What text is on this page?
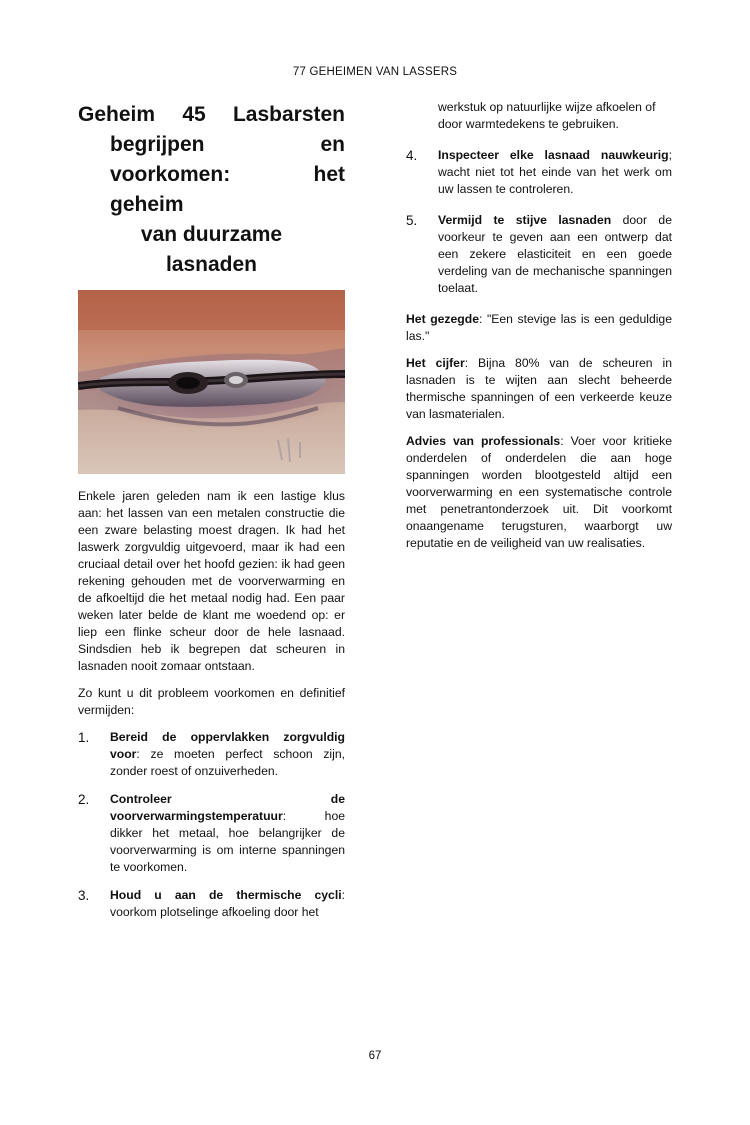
77 GEHEIMEN VAN LASSERS
Geheim 45 Lasbarsten
begrijpen	en
voorkomen:	het
geheim
van duurzame
lasnaden

Enkele jaren geleden nam ik een lastige klus aan: het lassen van een metalen constructie die een zware belasting moest dragen. Ik had het laswerk zorgvuldig uitgevoerd, maar ik had een cruciaal detail over het hoofd gezien: ik had geen rekening gehouden met de voorverwarming en de afkoeltijd die het metaal nodig had. Een paar weken later belde de klant me woedend op: er liep een flinke scheur door de hele lasnaad. Sindsdien heb ik begrepen dat scheuren in lasnaden nooit zomaar ontstaan.

Zo kunt u dit probleem voorkomen en definitief vermijden:

1.	Bereid de oppervlakken zorgvuldig voor: ze moeten perfect schoon zijn, zonder roest of onzuiverheden.
2.	Controleer de voorverwarmingstemperatuur: hoe dikker het metaal, hoe belangrijker de voorverwarming is om interne spanningen te voorkomen.
3.	Houd u aan de thermische cycli: voorkom plotselinge afkoeling door het
werkstuk op natuurlijke wijze afkoelen of door warmtedekens te gebruiken.
4.	Inspecteer elke lasnaad nauwkeurig; wacht niet tot het einde van het werk om uw lassen te controleren.
5.	Vermijd te stijve lasnaden door de voorkeur te geven aan een ontwerp dat een zekere elasticiteit en een goede verdeling van de mechanische spanningen toelaat.

Het gezegde: "Een stevige las is een geduldige las."

Het cijfer: Bijna 80% van de scheuren in lasnaden is te wijten aan slecht beheerde thermische spanningen of een verkeerde keuze van lasmaterialen.

Advies van professionals: Voer voor kritieke onderdelen of onderdelen die aan hoge spanningen worden blootgesteld altijd een voorverwarming en een systematische controle met penetrantonderzoek uit. Dit voorkomt onaangename terugsturen, waarborgt uw reputatie en de veiligheid van uw realisaties.

67
